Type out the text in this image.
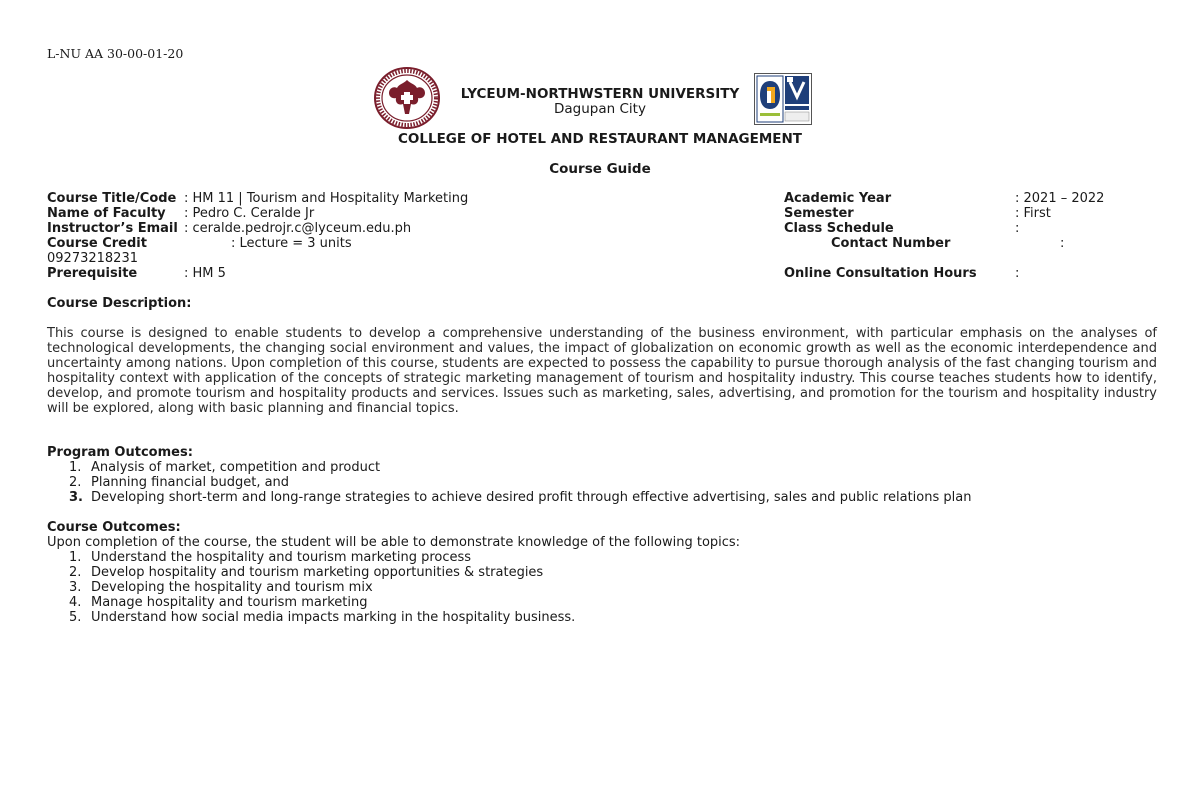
L-NU AA 30-00-01-20
LYCEUM-NORTHWSTERN UNIVERSITY
Dagupan City
COLLEGE OF HOTEL AND RESTAURANT MANAGEMENT
Course Guide
Course Title/Code : HM 11 | Tourism and Hospitality Marketing
Name of Faculty : Pedro C. Ceralde Jr
Instructor’s Email : ceralde.pedrojr.c@lyceum.edu.ph
Course Credit	: Lecture = 3 units	Contact Number	:
09273218231
Prerequisite	: HM 5
Academic Year	: 2021 – 2022
Semester	: First
Class Schedule	:
Online Consultation Hours	:
Course Description:
This course is designed to enable students to develop a comprehensive understanding of the business environment, with particular emphasis on the analyses of technological developments, the changing social environment and values, the impact of globalization on economic growth as well as the economic interdependence and uncertainty among nations. Upon completion of this course, students are expected to possess the capability to pursue thorough analysis of the fast changing tourism and hospitality context with application of the concepts of strategic marketing management of tourism and hospitality industry. This course teaches students how to identify, develop, and promote tourism and hospitality products and services. Issues such as marketing, sales, advertising, and promotion for the tourism and hospitality industry will be explored, along with basic planning and financial topics.
Program Outcomes:
1. Analysis of market, competition and product
2. Planning financial budget, and
3. Developing short-term and long-range strategies to achieve desired profit through effective advertising, sales and public relations plan
Course Outcomes:
Upon completion of the course, the student will be able to demonstrate knowledge of the following topics:
1. Understand the hospitality and tourism marketing process
2. Develop hospitality and tourism marketing opportunities & strategies
3. Developing the hospitality and tourism mix
4. Manage hospitality and tourism marketing
5. Understand how social media impacts marking in the hospitality business.
